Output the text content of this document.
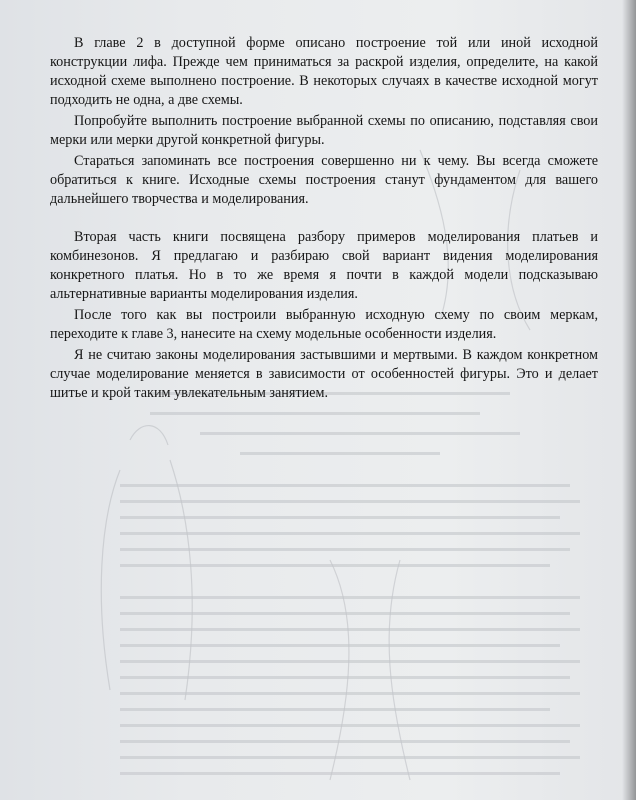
В главе 2 в доступной форме описано построение той или иной исходной конструкции лифа. Прежде чем приниматься за раскрой изделия, определите, на какой исходной схеме выполнено построение. В некоторых случаях в качестве исходной могут подходить не одна, а две схемы.

Попробуйте выполнить построение выбранной схемы по описанию, подставляя свои мерки или мерки другой конкретной фигуры.

Стараться запоминать все построения совершенно ни к чему. Вы всегда сможете обратиться к книге. Исходные схемы построения станут фундаментом для вашего дальнейшего творчества и моделирования.

Вторая часть книги посвящена разбору примеров моделирования платьев и комбинезонов. Я предлагаю и разбираю свой вариант видения моделирования конкретного платья. Но в то же время я почти в каждой модели подсказываю альтернативные варианты моделирования изделия.

После того как вы построили выбранную исходную схему по своим меркам, переходите к главе 3, нанесите на схему модельные особенности изделия.

Я не считаю законы моделирования застывшими и мертвыми. В каждом конкретном случае моделирование меняется в зависимости от особенностей фигуры. Это и делает шитье и крой таким увлекательным занятием.
